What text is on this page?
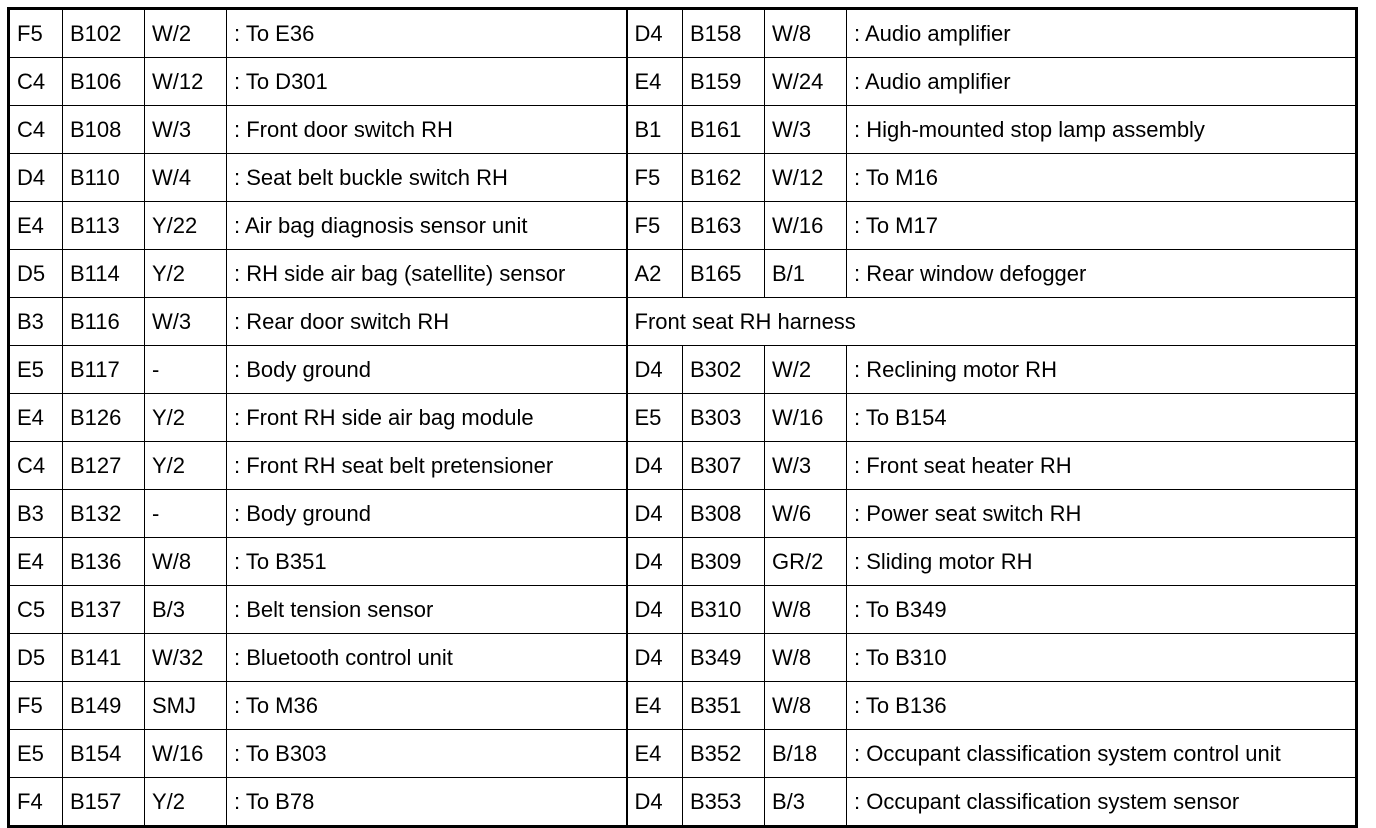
F5	B102	W/2	: To E36	D4	B158	W/8	: Audio amplifier
C4	B106	W/12	: To D301	E4	B159	W/24	: Audio amplifier
C4	B108	W/3	: Front door switch RH	B1	B161	W/3	: High-mounted stop lamp assembly
D4	B110	W/4	: Seat belt buckle switch RH	F5	B162	W/12	: To M16
E4	B113	Y/22	: Air bag diagnosis sensor unit	F5	B163	W/16	: To M17
D5	B114	Y/2	: RH side air bag (satellite) sensor	A2	B165	B/1	: Rear window defogger
B3	B116	W/3	: Rear door switch RH	Front seat RH harness			
E5	B117	-	: Body ground	D4	B302	W/2	: Reclining motor RH
E4	B126	Y/2	: Front RH side air bag module	E5	B303	W/16	: To B154
C4	B127	Y/2	: Front RH seat belt pretensioner	D4	B307	W/3	: Front seat heater RH
B3	B132	-	: Body ground	D4	B308	W/6	: Power seat switch RH
E4	B136	W/8	: To B351	D4	B309	GR/2	: Sliding motor RH
C5	B137	B/3	: Belt tension sensor	D4	B310	W/8	: To B349
D5	B141	W/32	: Bluetooth control unit	D4	B349	W/8	: To B310
F5	B149	SMJ	: To M36	E4	B351	W/8	: To B136
E5	B154	W/16	: To B303	E4	B352	B/18	: Occupant classification system control unit
F4	B157	Y/2	: To B78	D4	B353	B/3	: Occupant classification system sensor
